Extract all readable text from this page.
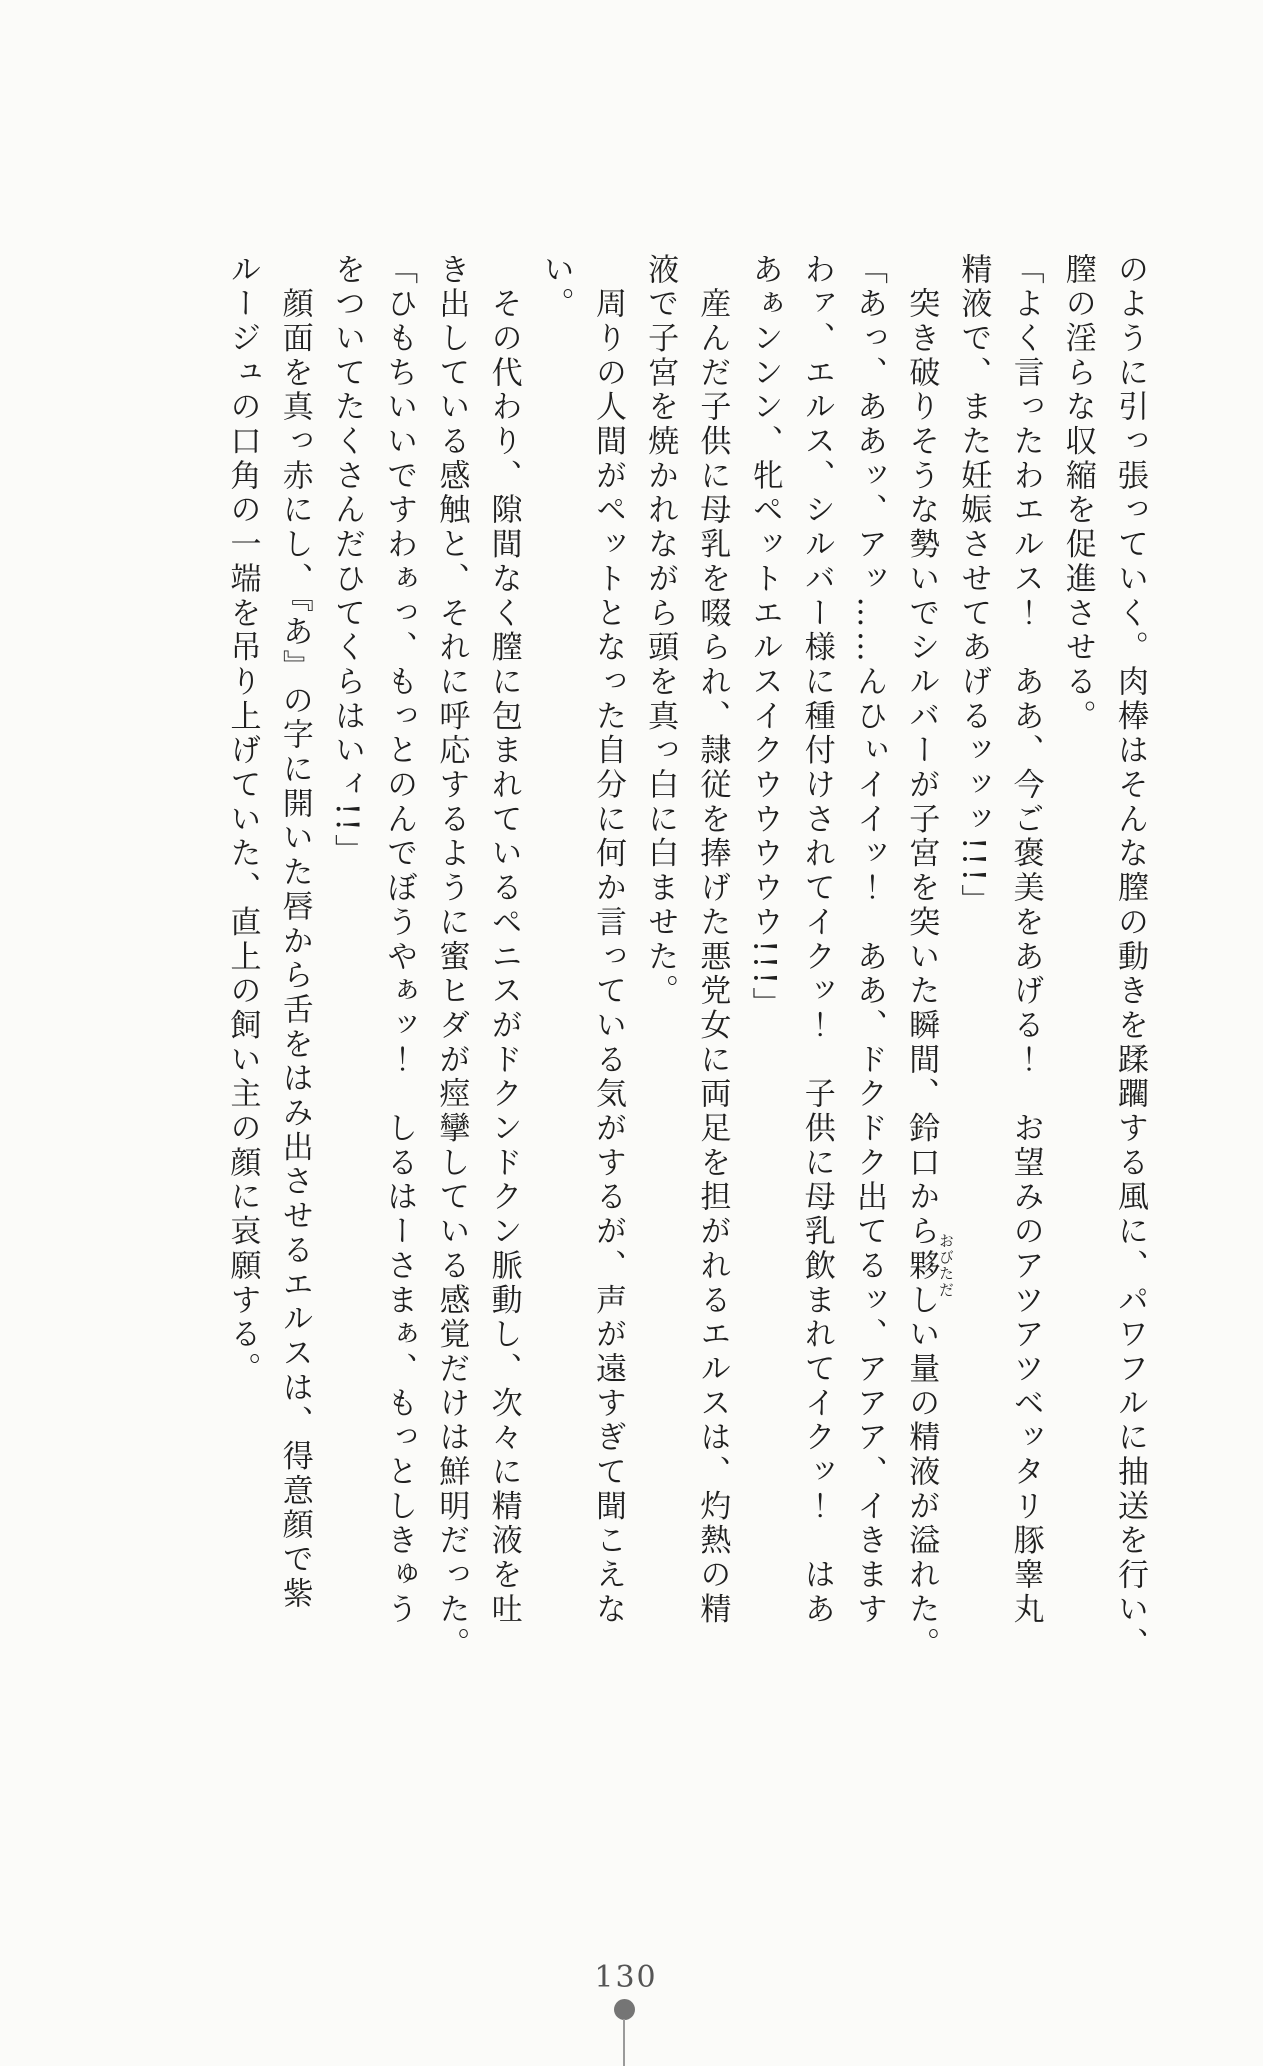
のように引っ張っていく。肉棒はそんな膣の動きを蹂躙する風に、パワフルに抽送を行い、
膣の淫らな収縮を促進させる。
「よく言ったわエルス！　ああ、今ご褒美をあげる！　お望みのアツアツベッタリ豚睾丸
精液で、また妊娠させてあげるッッッ!!!」
　突き破りそうな勢いでシルバーが子宮を突いた瞬間、鈴口から夥しい量の精液が溢れた。
「あっ、ああッ、アッ……んひぃイイッ！　ああ、ドクドク出てるッ、アアア、イきます
わァ、エルス、シルバー様に種付けされてイクッ！　子供に母乳飲まれてイクッ！　はあ
あぁンンン、牝ペットエルスイクウウウウウ!!!」
　産んだ子供に母乳を啜られ、隷従を捧げた悪党女に両足を担がれるエルスは、灼熱の精
液で子宮を焼かれながら頭を真っ白に白ませた。
　周りの人間がペットとなった自分に何か言っている気がするが、声が遠すぎて聞こえな
い。
　その代わり、隙間なく膣に包まれているペニスがドクンドクン脈動し、次々に精液を吐
き出している感触と、それに呼応するように蜜ヒダが痙攣している感覚だけは鮮明だった。
「ひもちいいですわぁっ、もっとのんでぼうやぁッ！　しるはーさまぁ、もっとしきゅう
をついてたくさんだひてくらはいィ!!」
　顔面を真っ赤にし、『あ』の字に開いた唇から舌をはみ出させるエルスは、得意顔で紫
ルージュの口角の一端を吊り上げていた、直上の飼い主の顔に哀願する。	おびただ
130
